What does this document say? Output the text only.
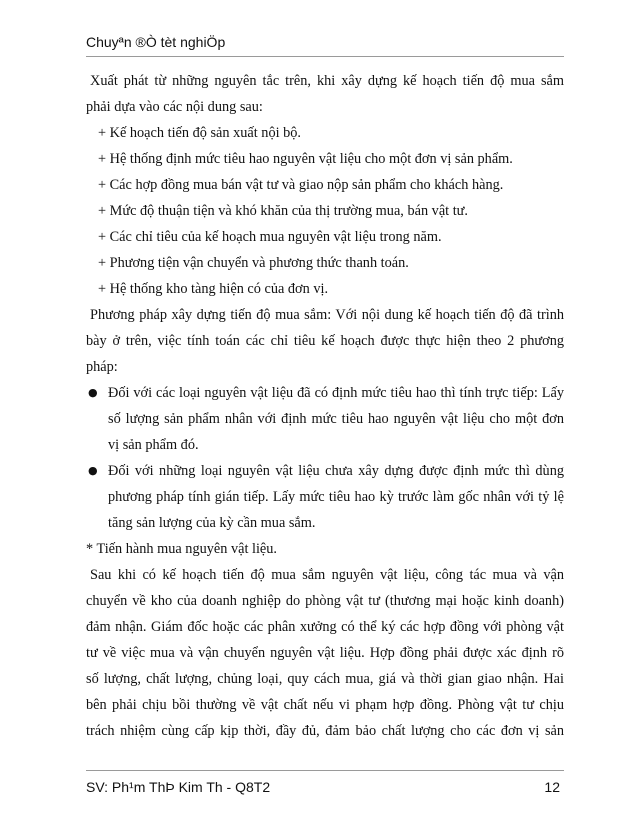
Chuyªn ®Ò tèt nghiÖp
Xuất phát từ những nguyên tắc trên, khi xây dựng kế hoạch tiến độ mua sắm
phải dựa vào các nội dung sau:
+ Kế hoạch tiến độ sản xuất nội bộ.
+ Hệ thống định mức tiêu hao nguyên vật liệu cho một đơn vị sản phẩm.
+ Các hợp đồng mua bán vật tư và giao nộp sản phẩm cho khách hàng.
+ Mức độ thuận tiện và khó khăn của thị trường mua, bán vật tư.
+ Các chỉ tiêu của kế hoạch mua nguyên vật liệu trong năm.
+ Phương tiện vận chuyển và phương thức thanh toán.
+ Hệ thống kho tàng hiện có của đơn vị.
Phương pháp xây dựng tiến độ mua sắm: Với nội dung kế hoạch tiến độ đã trình
bày ở trên, việc tính toán các chỉ tiêu kế hoạch được thực hiện theo 2 phương
pháp:
● Đối với các loại nguyên vật liệu đã có định mức tiêu hao thì tính trực tiếp: Lấy
số lượng sản phẩm nhân với định mức tiêu hao nguyên vật liệu cho một đơn
vị sản phẩm đó.
● Đối với những loại nguyên vật liệu chưa xây dựng được định mức thì dùng
phương pháp tính gián tiếp. Lấy mức tiêu hao kỳ trước làm gốc nhân với tỷ lệ
tăng sản lượng của kỳ cần mua sắm.
* Tiến hành mua nguyên vật liệu.
Sau khi có kế hoạch tiến độ mua sắm nguyên vật liệu, công tác mua và vận
chuyển về kho của doanh nghiệp do phòng vật tư (thương mại hoặc kinh doanh)
đảm nhận. Giám đốc hoặc các phân xưởng có thể ký các hợp đồng với phòng vật
tư về việc mua và vận chuyển nguyên vật liệu. Hợp đồng phải được xác định rõ
số lượng, chất lượng, chủng loại, quy cách mua, giá và thời gian giao nhận. Hai
bên phải chịu bồi thường về vật chất nếu vi phạm hợp đồng. Phòng vật tư chịu
trách nhiệm cùng cấp kịp thời, đầy đủ, đảm bảo chất lượng cho các đơn vị sản
SV: Ph¹m ThÞ Kim Th - Q8T2	12
